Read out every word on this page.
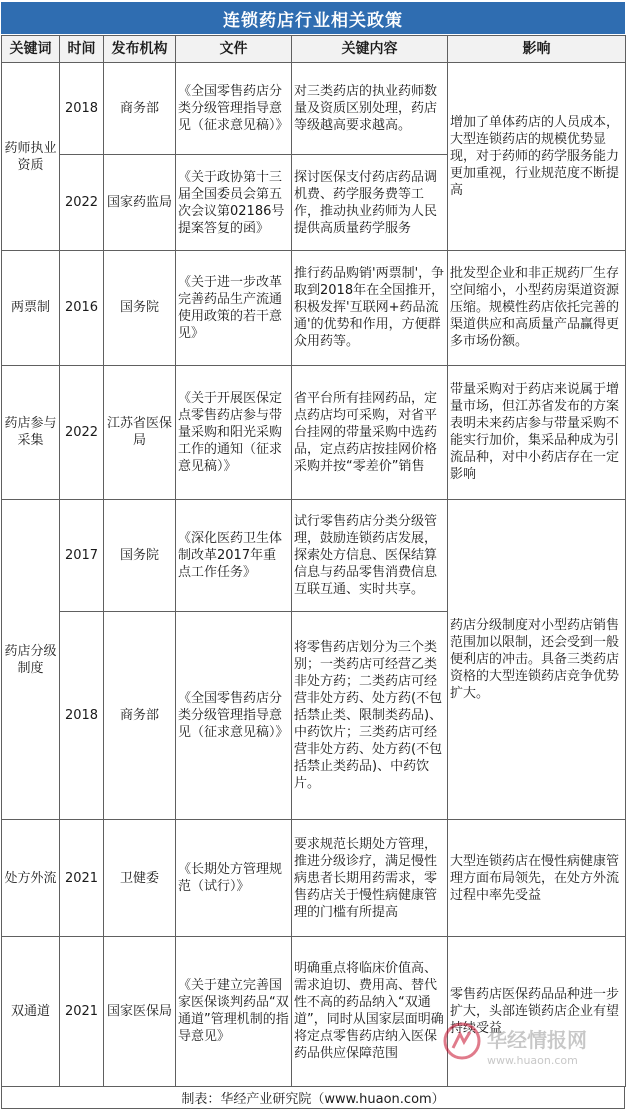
连锁药店行业相关政策
关键词	时间	发布机构	文件	关键内容	影响
药师执业资质	2018	商务部	《全国零售药店分类分级管理指导意见（征求意见稿）》	对三类药店的执业药师数量及资质区别处理，药店等级越高要求越高。	增加了单体药店的人员成本，大型连锁药店的规模优势显现，对于药师的药学服务能力更加重视，行业规范度不断提高
	2022	国家药监局	《关于政协第十三届全国委员会第五次会议第02186号提案答复的函》	探讨医保支付药店药品调机费、药学服务费等工作，推动执业药师为人民提供高质量药学服务	
两票制	2016	国务院	《关于进一步改革完善药品生产流通使用政策的若干意见》	推行药品购销'两票制'，争取到2018年在全国推开，积极发挥'互联网+药品流通'的优势和作用，方便群众用药等。	批发型企业和非正规药厂生存空间缩小，小型药房渠道资源压缩。规模性药店依托完善的渠道供应和高质量产品赢得更多市场份额。
药店参与采集	2022	江苏省医保局	《关于开展医保定点零售药店参与带量采购和阳光采购工作的通知（征求意见稿）》	省平台所有挂网药品，定点药店均可采购，对省平台挂网的带量采购中选药品，定点药店按挂网价格采购并按“零差价”销售	带量采购对于药店来说属于增量市场，但江苏省发布的方案表明未来药店参与带量采购不能实行加价，集采品种成为引流品种，对中小药店存在一定影响
药店分级制度	2017	国务院	《深化医药卫生体制改革2017年重点工作任务》	试行零售药店分类分级管理，鼓励连锁药店发展，探索处方信息、医保结算信息与药品零售消费信息互联互通、实时共享。	药店分级制度对小型药店销售范围加以限制，还会受到一般便利店的冲击。具备三类药店资格的大型连锁药店竞争优势扩大。
	2018	商务部	《全国零售药店分类分级管理指导意见（征求意见稿）》	将零售药店划分为三个类别；一类药店可经营乙类非处方药；二类药店可经营非处方药、处方药(不包括禁止类、限制类药品)、中药饮片；三类药店可经营非处方药、处方药(不包括禁止类药品)、中药饮片。	
处方外流	2021	卫健委	《长期处方管理规范（试行）》	要求规范长期处方管理，推进分级诊疗，满足慢性病患者长期用药需求，零售药店关于慢性病健康管理的门槛有所提高	大型连锁药店在慢性病健康管理方面布局领先，在处方外流过程中率先受益
双通道	2021	国家医保局	《关于建立完善国家医保谈判药品“双通道”管理机制的指导意见》	明确重点将临床价值高、需求迫切、费用高、替代性不高的药品纳入“双通道”，同时从国家层面明确将定点零售药店纳入医保药品供应保障范围	零售药店医保药品品种进一步扩大，头部连锁药店企业有望持续受益
制表：华经产业研究院（www.huaon.com）
华经情报网
www.huaon.com
